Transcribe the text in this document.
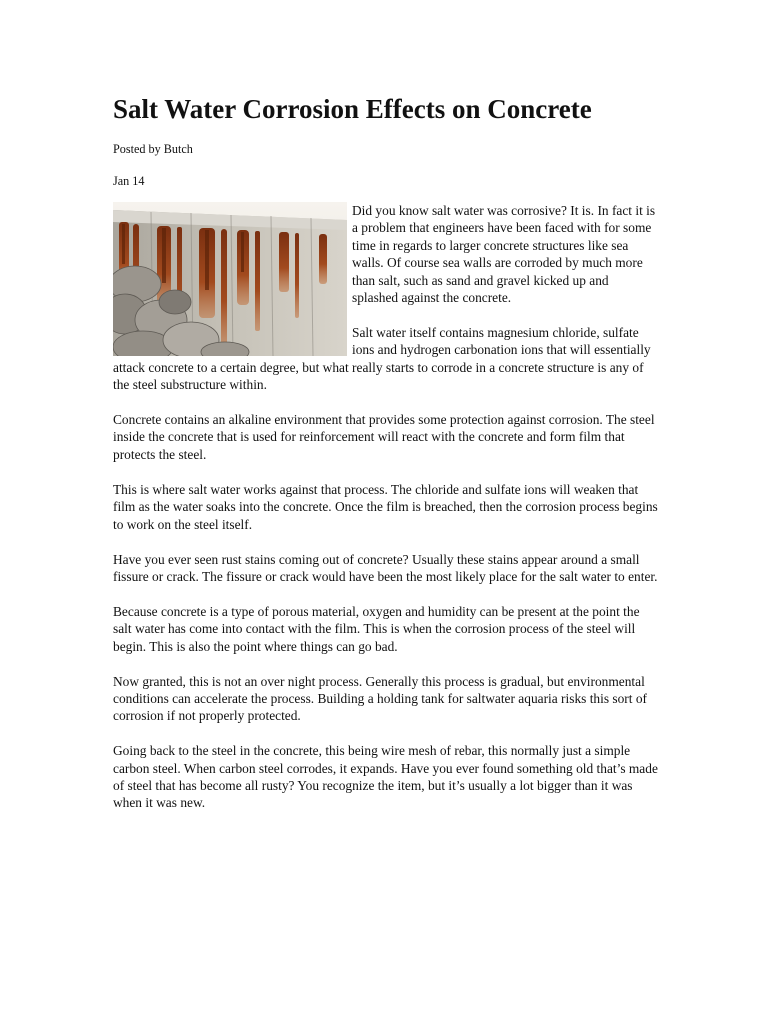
Salt Water Corrosion Effects on Concrete
Posted by Butch
Jan 14

Did you know salt water was corrosive? It is. In fact it is a problem that engineers have been faced with for some time in regards to larger concrete structures like sea walls. Of course sea walls are corroded by much more than salt, such as sand and gravel kicked up and splashed against the concrete.

Salt water itself contains magnesium chloride, sulfate ions and hydrogen carbonation ions that will essentially attack concrete to a certain degree, but what really starts to corrode in a concrete structure is any of the steel substructure within.

Concrete contains an alkaline environment that provides some protection against corrosion. The steel inside the concrete that is used for reinforcement will react with the concrete and form film that protects the steel.

This is where salt water works against that process. The chloride and sulfate ions will weaken that film as the water soaks into the concrete. Once the film is breached, then the corrosion process begins to work on the steel itself.

Have you ever seen rust stains coming out of concrete? Usually these stains appear around a small fissure or crack. The fissure or crack would have been the most likely place for the salt water to enter.

Because concrete is a type of porous material, oxygen and humidity can be present at the point the salt water has come into contact with the film. This is when the corrosion process of the steel will begin. This is also the point where things can go bad.

Now granted, this is not an over night process. Generally this process is gradual, but environmental conditions can accelerate the process. Building a holding tank for saltwater aquaria risks this sort of corrosion if not properly protected.

Going back to the steel in the concrete, this being wire mesh of rebar, this normally just a simple carbon steel. When carbon steel corrodes, it expands. Have you ever found something old that’s made of steel that has become all rusty? You recognize the item, but it’s usually a lot bigger than it was when it was new.
